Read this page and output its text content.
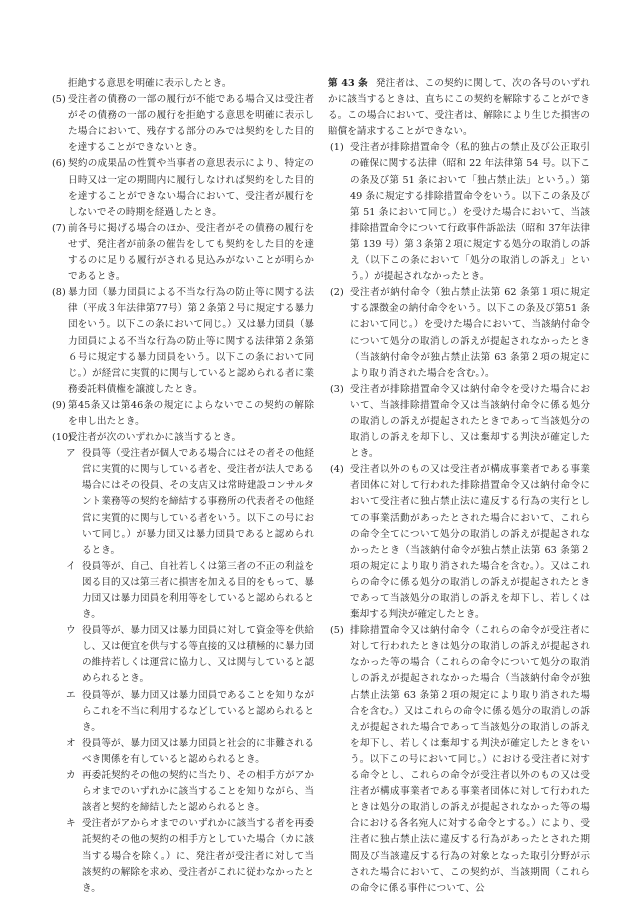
拒絶する意思を明確に表示したとき。

(5) 受注者の債務の一部の履行が不能である場合又は受注者がその債務の一部の履行を拒絶する意思を明確に表示した場合において、残存する部分のみでは契約をした目的を達することができないとき。
(6) 契約の成果品の性質や当事者の意思表示により、特定の日時又は一定の期間内に履行しなければ契約をした目的を達することができない場合において、受注者が履行をしないでその時期を経過したとき。
(7) 前各号に掲げる場合のほか、受注者がその債務の履行をせず、発注者が前条の催告をしても契約をした目的を達するのに足りる履行がされる見込みがないことが明らかであるとき。
(8) 暴力団（暴力団員による不当な行為の防止等に関する法律（平成３年法律第77号）第２条第２号に規定する暴力団をいう。以下この条において同じ。）又は暴力団員（暴力団員による不当な行為の防止等に関する法律第２条第６号に規定する暴力団員をいう。以下この条において同じ。）が経営に実質的に関与していると認められる者に業務委託料債権を譲渡したとき。
(9) 第45条又は第46条の規定によらないでこの契約の解除を申し出たとき。
(10)
受注者が次のいずれかに該当するとき。
ア 役員等（受注者が個人である場合にはその者その他経営に実質的に関与している者を、受注者が法人である場合にはその役員、その支店又は常時建設コンサルタント業務等の契約を締結する事務所の代表者その他経営に実質的に関与している者をいう。以下この号において同じ。）が暴力団又は暴力団員であると認められるとき。
イ 役員等が、自己、自社若しくは第三者の不正の利益を図る目的又は第三者に損害を加える目的をもって、暴力団又は暴力団員を利用等をしていると認められるとき。
ウ 役員等が、暴力団又は暴力団員に対して資金等を供給し、又は便宜を供与する等直接的又は積極的に暴力団の維持若しくは運営に協力し、又は関与していると認められるとき。
エ 役員等が、暴力団又は暴力団員であることを知りながらこれを不当に利用するなどしていると認められるとき。
オ 役員等が、暴力団又は暴力団員と社会的に非難されるべき関係を有していると認められるとき。
カ 再委託契約その他の契約に当たり、その相手方がアからオまでのいずれかに該当することを知りながら、当該者と契約を締結したと認められるとき。
キ 受注者がアからオまでのいずれかに該当する者を再委託契約その他の契約の相手方としていた場合（カに該当する場合を除く。）に、発注者が受注者に対して当該契約の解除を求め、受注者がこれに従わなかったとき。
第 43 条 発注者は、この契約に関して、次の各号のいずれかに該当するときは、直ちにこの契約を解除することができる。この場合において、受注者は、解除により生じた損害の賠償を請求することができない。
(1) 受注者が排除措置命令（私的独占の禁止及び公正取引の確保に関する法律（昭和 22 年法律第 54 号。以下この条及び第 51 条において「独占禁止法」という。）第 49 条に規定する排除措置命令をいう。以下この条及び第 51 条において同じ。）を受けた場合において、当該排除措置命令について行政事件訴訟法（昭和 37年法律第 139 号）第３条第２項に規定する処分の取消しの訴え（以下この条において「処分の取消しの訴え」という。）が提起されなかったとき。
(2) 受注者が納付命令（独占禁止法第 62 条第１項に規定する課徴金の納付命令をいう。以下この条及び第51 条において同じ。）を受けた場合において、当該納付命令について処分の取消しの訴えが提起されなかったとき（当該納付命令が独占禁止法第 63 条第２項の規定により取り消された場合を含む。）。
(3) 受注者が排除措置命令又は納付命令を受けた場合において、当該排除措置命令又は当該納付命令に係る処分の取消しの訴えが提起されたときであって当該処分の取消しの訴えを却下し、又は棄却する判決が確定したとき。
(4) 受注者以外のもの又は受注者が構成事業者である事業者団体に対して行われた排除措置命令又は納付命令において受注者に独占禁止法に違反する行為の実行としての事業活動があったとされた場合において、これらの命令全てについて処分の取消しの訴えが提起されなかったとき（当該納付命令が独占禁止法第 63 条第２項の規定により取り消された場合を含む。）。又はこれらの命令に係る処分の取消しの訴えが提起されたときであって当該処分の取消しの訴えを却下し、若しくは棄却する判決が確定したとき。
(5) 排除措置命令又は納付命令（これらの命令が受注者に対して行われたときは処分の取消しの訴えが提起されなかった等の場合（これらの命令について処分の取消しの訴えが提起されなかった場合（当該納付命令が独占禁止法第 63 条第２項の規定により取り消された場合を含む。）又はこれらの命令に係る処分の取消しの訴えが提起された場合であって当該処分の取消しの訴えを却下し、若しくは棄却する判決が確定したときをいう。以下この号において同じ。）における受注者に対する命令とし、これらの命令が受注者以外のもの又は受注者が構成事業者である事業者団体に対して行われたときは処分の取消しの訴えが提起されなかった等の場合における各名宛人に対する命令とする。）により、受注者に独占禁止法に違反する行為があったとされた期間及び当該違反する行為の対象となった取引分野が示された場合において、この契約が、当該期間（これらの命令に係る事件について、公
